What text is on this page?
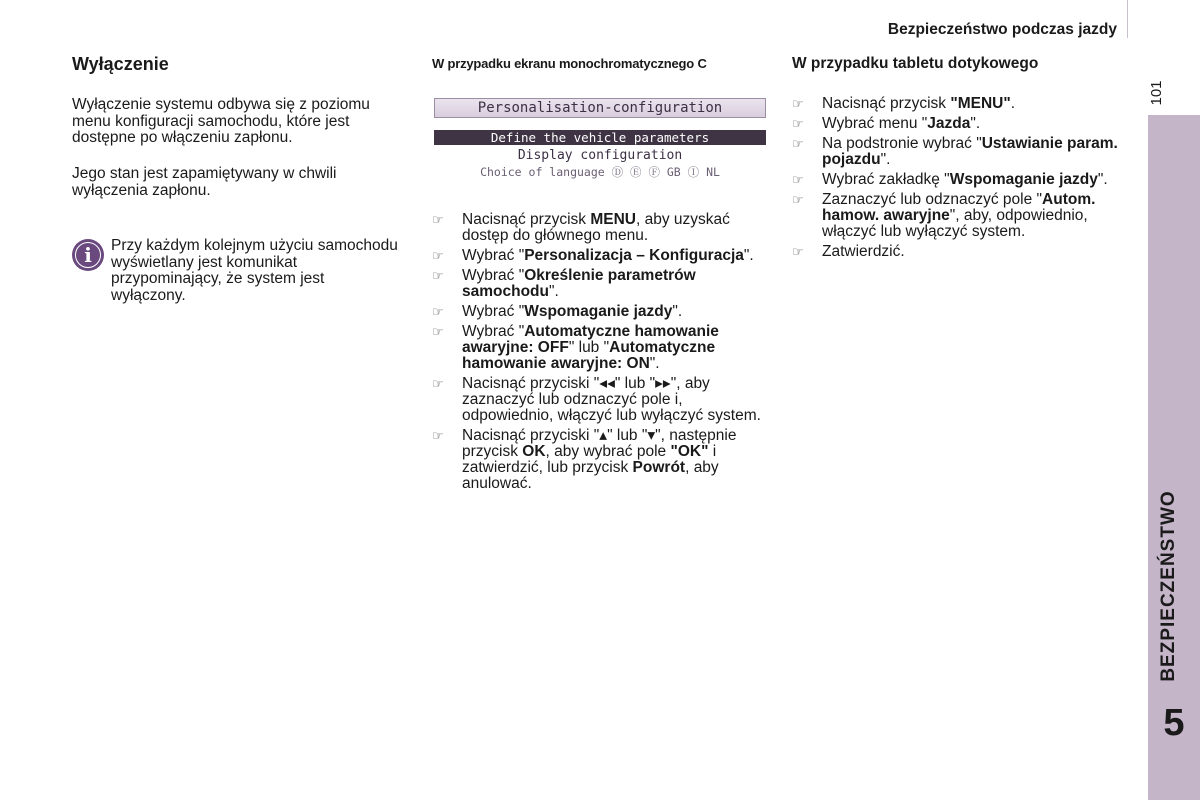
Bezpieczeństwo podczas jazdy
101
BEZPIECZEŃSTWO
5
Wyłączenie
Wyłączenie systemu odbywa się z poziomu menu konfiguracji samochodu, które jest dostępne po włączeniu zapłonu.
Jego stan jest zapamiętywany w chwili wyłączenia zapłonu.
i	Przy każdym kolejnym użyciu samochodu wyświetlany jest komunikat przypominający, że system jest wyłączony.
W przypadku ekranu monochromatycznego C
Personalisation-configuration
Define the vehicle parameters
Display configuration
Choice of language Ⓓ Ⓔ Ⓕ GB Ⓘ NL
☞ Nacisnąć przycisk MENU, aby uzyskać dostęp do głównego menu.
☞ Wybrać "Personalizacja – Konfiguracja".
☞ Wybrać "Określenie parametrów samochodu".
☞ Wybrać "Wspomaganie jazdy".
☞ Wybrać "Automatyczne hamowanie awaryjne: OFF" lub "Automatyczne hamowanie awaryjne: ON".
☞ Nacisnąć przyciski "◂◂" lub "▸▸", aby zaznaczyć lub odznaczyć pole i, odpowiednio, włączyć lub wyłączyć system.
☞ Nacisnąć przyciski "▴" lub "▾", następnie przycisk OK, aby wybrać pole "OK" i zatwierdzić, lub przycisk Powrót, aby anulować.
W przypadku tabletu dotykowego
☞ Nacisnąć przycisk "MENU".
☞ Wybrać menu "Jazda".
☞ Na podstronie wybrać "Ustawianie param. pojazdu".
☞ Wybrać zakładkę "Wspomaganie jazdy".
☞ Zaznaczyć lub odznaczyć pole "Autom. hamow. awaryjne", aby, odpowiednio, włączyć lub wyłączyć system.
☞ Zatwierdzić.
